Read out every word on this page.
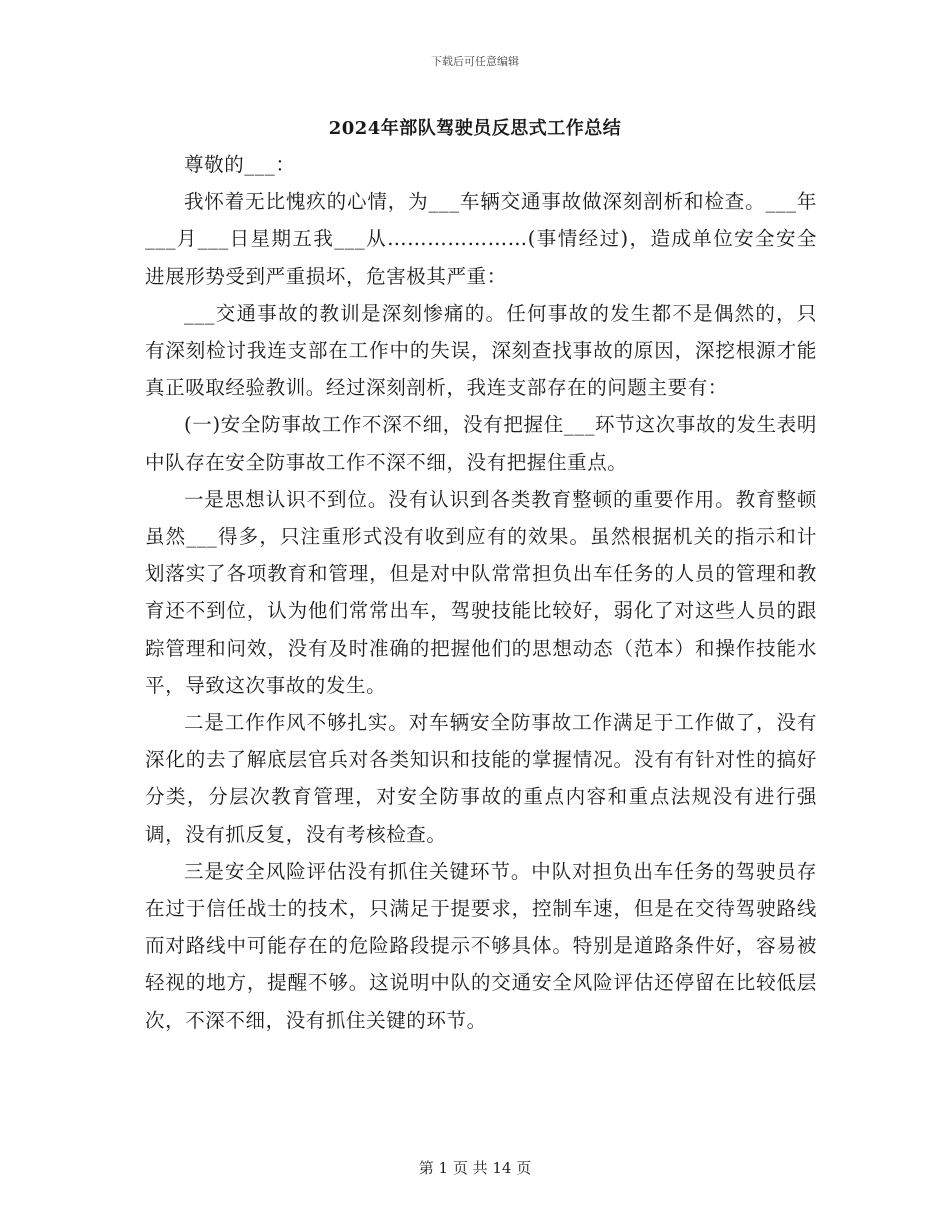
下载后可任意编辑
2024年部队驾驶员反思式工作总结

尊敬的___：

我怀着无比愧疚的心情，为___车辆交通事故做深刻剖析和检查。___年___月___日星期五我___从…………………(事情经过)，造成单位安全安全进展形势受到严重损坏，危害极其严重：

___交通事故的教训是深刻惨痛的。任何事故的发生都不是偶然的，只有深刻检讨我连支部在工作中的失误，深刻查找事故的原因，深挖根源才能真正吸取经验教训。经过深刻剖析，我连支部存在的问题主要有：

(一)安全防事故工作不深不细，没有把握住___环节这次事故的发生表明中队存在安全防事故工作不深不细，没有把握住重点。

一是思想认识不到位。没有认识到各类教育整顿的重要作用。教育整顿虽然___得多，只注重形式没有收到应有的效果。虽然根据机关的指示和计划落实了各项教育和管理，但是对中队常常担负出车任务的人员的管理和教育还不到位，认为他们常常出车，驾驶技能比较好，弱化了对这些人员的跟踪管理和问效，没有及时准确的把握他们的思想动态（范本）和操作技能水平，导致这次事故的发生。

二是工作作风不够扎实。对车辆安全防事故工作满足于工作做了，没有深化的去了解底层官兵对各类知识和技能的掌握情况。没有有针对性的搞好分类，分层次教育管理，对安全防事故的重点内容和重点法规没有进行强调，没有抓反复，没有考核检查。

三是安全风险评估没有抓住关键环节。中队对担负出车任务的驾驶员存在过于信任战士的技术，只满足于提要求，控制车速，但是在交待驾驶路线而对路线中可能存在的危险路段提示不够具体。特别是道路条件好，容易被轻视的地方，提醒不够。这说明中队的交通安全风险评估还停留在比较低层次，不深不细，没有抓住关键的环节。

第 1 页 共 14 页
